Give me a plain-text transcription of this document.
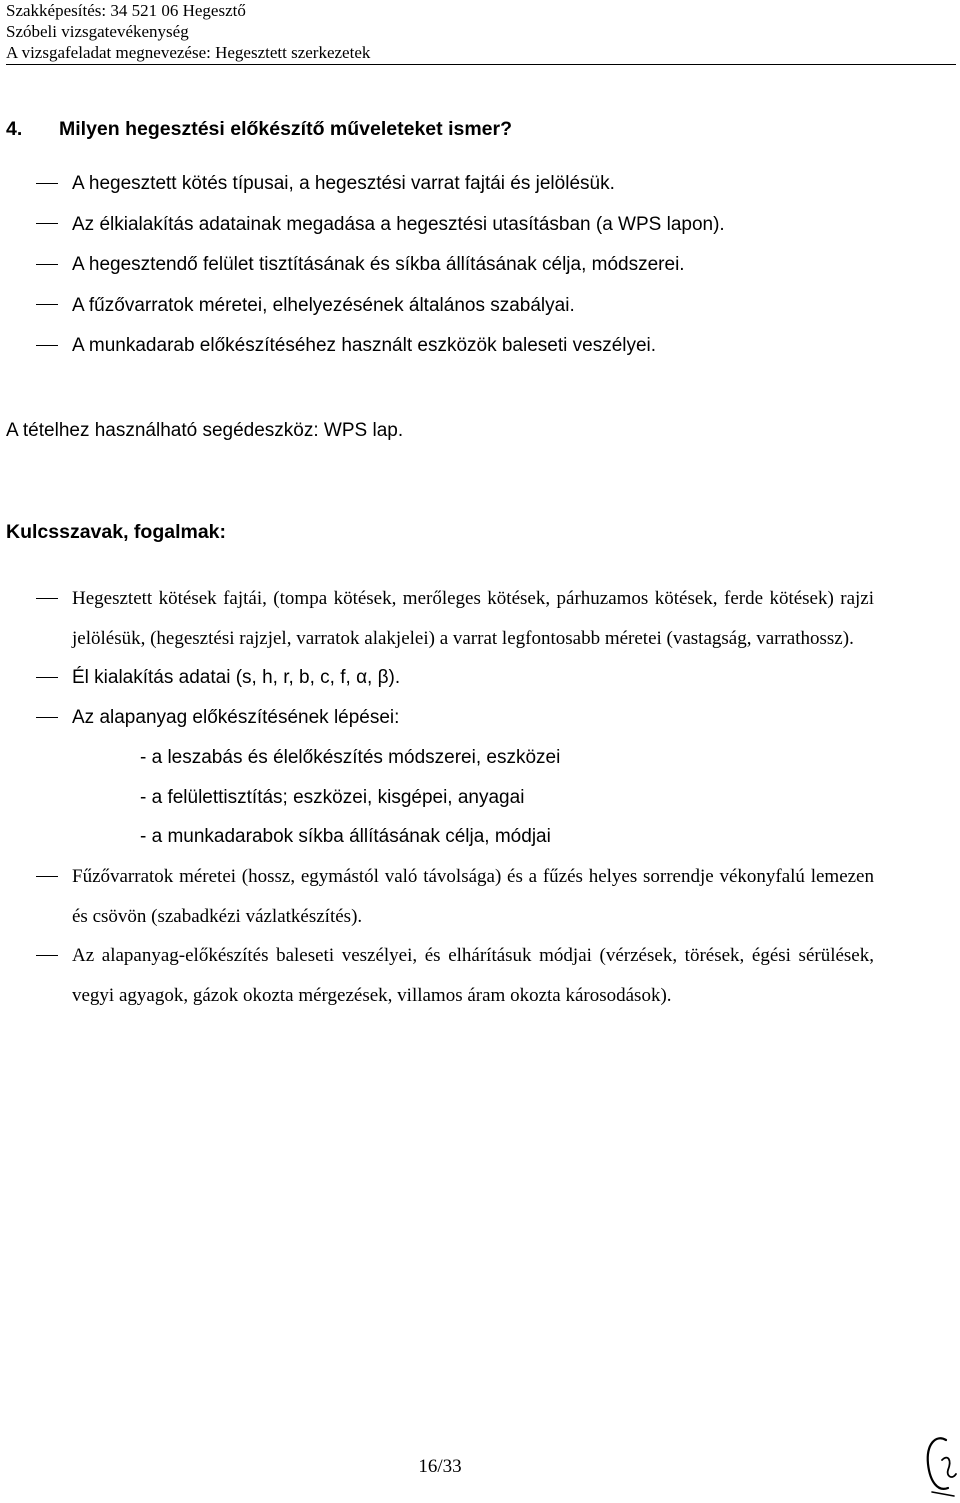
Szakképesítés: 34 521 06 Hegesztő
Szóbeli vizsgatevékenység
A vizsgafeladat megnevezése: Hegesztett szerkezetek
4. Milyen hegesztési előkészítő műveleteket ismer?
A hegesztett kötés típusai, a hegesztési varrat fajtái és jelölésük.
Az élkialakítás adatainak megadása a hegesztési utasításban (a WPS lapon).
A hegesztendő felület tisztításának és síkba állításának célja, módszerei.
A fűzővarratok méretei, elhelyezésének általános szabályai.
A munkadarab előkészítéséhez használt eszközök baleseti veszélyei.
A tételhez használható segédeszköz: WPS lap.
Kulcsszavak, fogalmak:
Hegesztett kötések fajtái, (tompa kötések, merőleges kötések, párhuzamos kötések, ferde kötések) rajzi jelölésük, (hegesztési rajzjel, varratok alakjelei) a varrat legfontosabb méretei (vastagság, varrathossz).
Él kialakítás adatai (s, h, r, b, c, f, α, β).
Az alapanyag előkészítésének lépései:
- a leszabás és élelőkészítés módszerei, eszközei
- a felülettisztítás; eszközei, kisgépei, anyagai
- a munkadarabok síkba állításának célja, módjai
Fűzővarratok méretei (hossz, egymástól való távolsága) és a fűzés helyes sorrendje vékonyfalú lemezen és csövön (szabadkézi vázlatkészítés).
Az alapanyag-előkészítés baleseti veszélyei, és elhárításuk módjai (vérzések, törések, égési sérülések, vegyi agyagok, gázok okozta mérgezések, villamos áram okozta károsodások).
16/33
